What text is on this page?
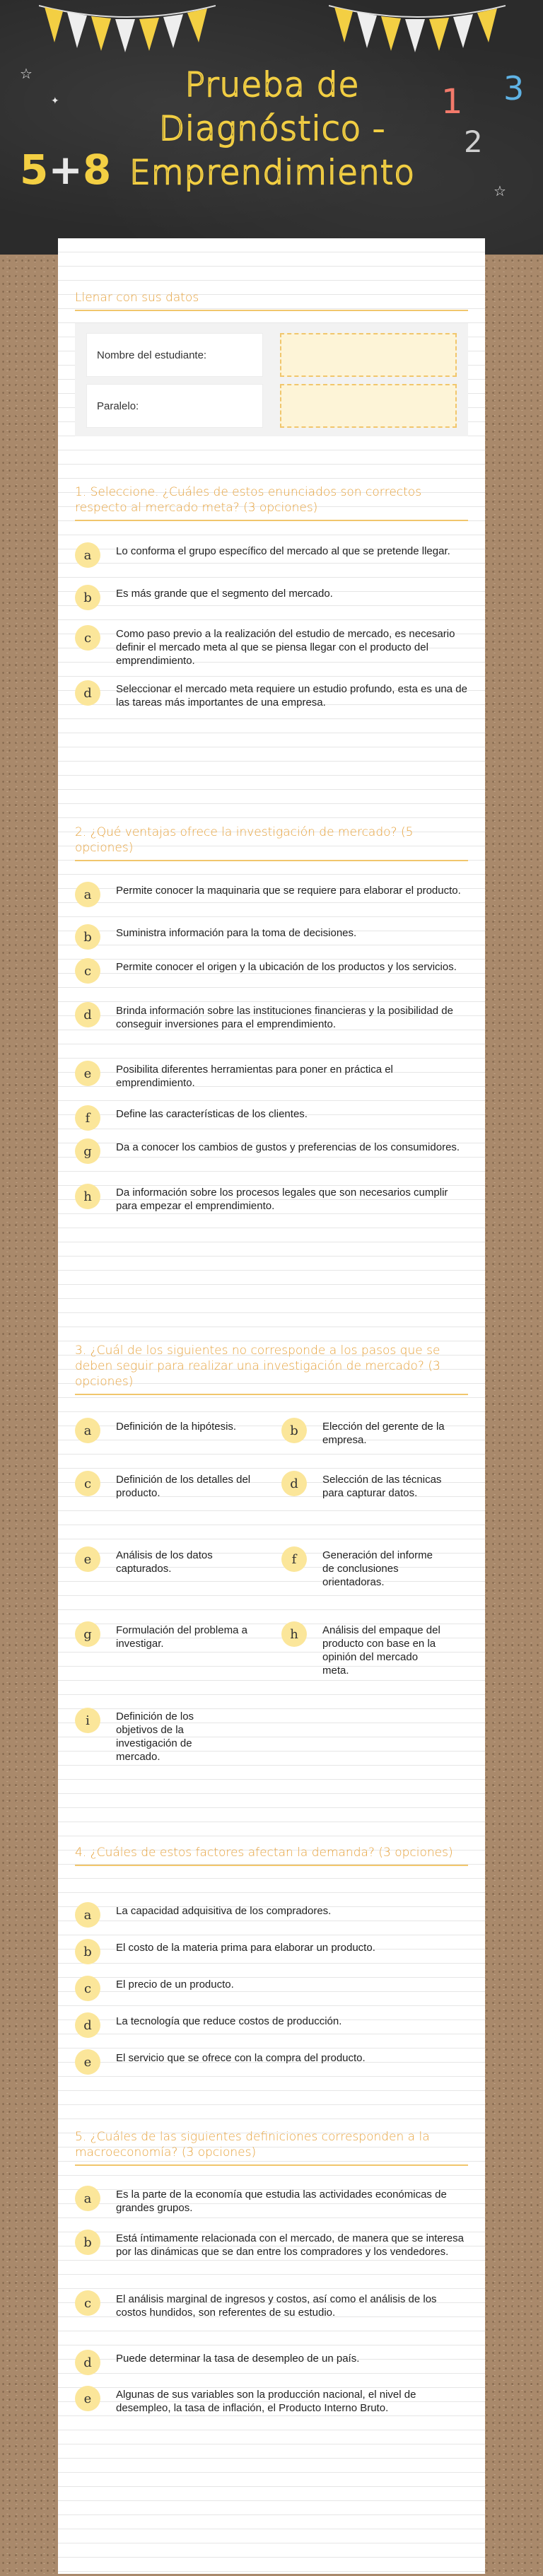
☆
✦
☆
Prueba de
Diagnóstico -
Emprendimiento
1
2
3
5+8
Llenar con sus datos
Nombre del estudiante:
Paralelo:
1. Seleccione. ¿Cuáles de estos enunciados son correctos respecto al mercado meta? (3 opciones)
a	Lo conforma el grupo específico del mercado al que se pretende llegar.
b	Es más grande que el segmento del mercado.
c	Como paso previo a la realización del estudio de mercado, es necesario definir el mercado meta al que se piensa llegar con el producto del emprendimiento.
d	Seleccionar el mercado meta requiere un estudio profundo, esta es una de las tareas más importantes de una empresa.
2. ¿Qué ventajas ofrece la investigación de mercado? (5 opciones)
a	Permite conocer la maquinaria que se requiere para elaborar el producto.
b	Suministra información para la toma de decisiones.
c	Permite conocer el origen y la ubicación de los productos y los servicios.
d	Brinda información sobre las instituciones financieras y la posibilidad de conseguir inversiones para el emprendimiento.
e	Posibilita diferentes herramientas para poner en práctica el emprendimiento.
f	Define las características de los clientes.
g	Da a conocer los cambios de gustos y preferencias de los consumidores.
h	Da información sobre los procesos legales que son necesarios cumplir para empezar el emprendimiento.
3. ¿Cuál de los siguientes no corresponde a los pasos que se deben seguir para realizar una investigación de mercado? (3 opciones)
a	Definición de la hipótesis.	b	Elección del gerente de la empresa.
c	Definición de los detalles del producto.
d	Selección de las técnicas para capturar datos.
e	Análisis de los datos capturados.
f	Generación del informe de conclusiones orientadoras.
g	Formulación del problema a investigar.
h	Análisis del empaque del producto con base en la opinión del mercado meta.
i	Definición de los objetivos de la investigación de mercado.
4. ¿Cuáles de estos factores afectan la demanda? (3 opciones)
a	La capacidad adquisitiva de los compradores.
b	El costo de la materia prima para elaborar un producto.
c	El precio de un producto.
d	La tecnología que reduce costos de producción.
e	El servicio que se ofrece con la compra del producto.
5. ¿Cuáles de las siguientes definiciones corresponden a la macroeconomía? (3 opciones)
a	Es la parte de la economía que estudia las actividades económicas de grandes grupos.
b	Está íntimamente relacionada con el mercado, de manera que se interesa por las dinámicas que se dan entre los compradores y los vendedores.
c	El análisis marginal de ingresos y costos, así como el análisis de los costos hundidos, son referentes de su estudio.
d	Puede determinar la tasa de desempleo de un país.
e	Algunas de sus variables son la producción nacional, el nivel de desempleo, la tasa de inflación, el Producto Interno Bruto.
